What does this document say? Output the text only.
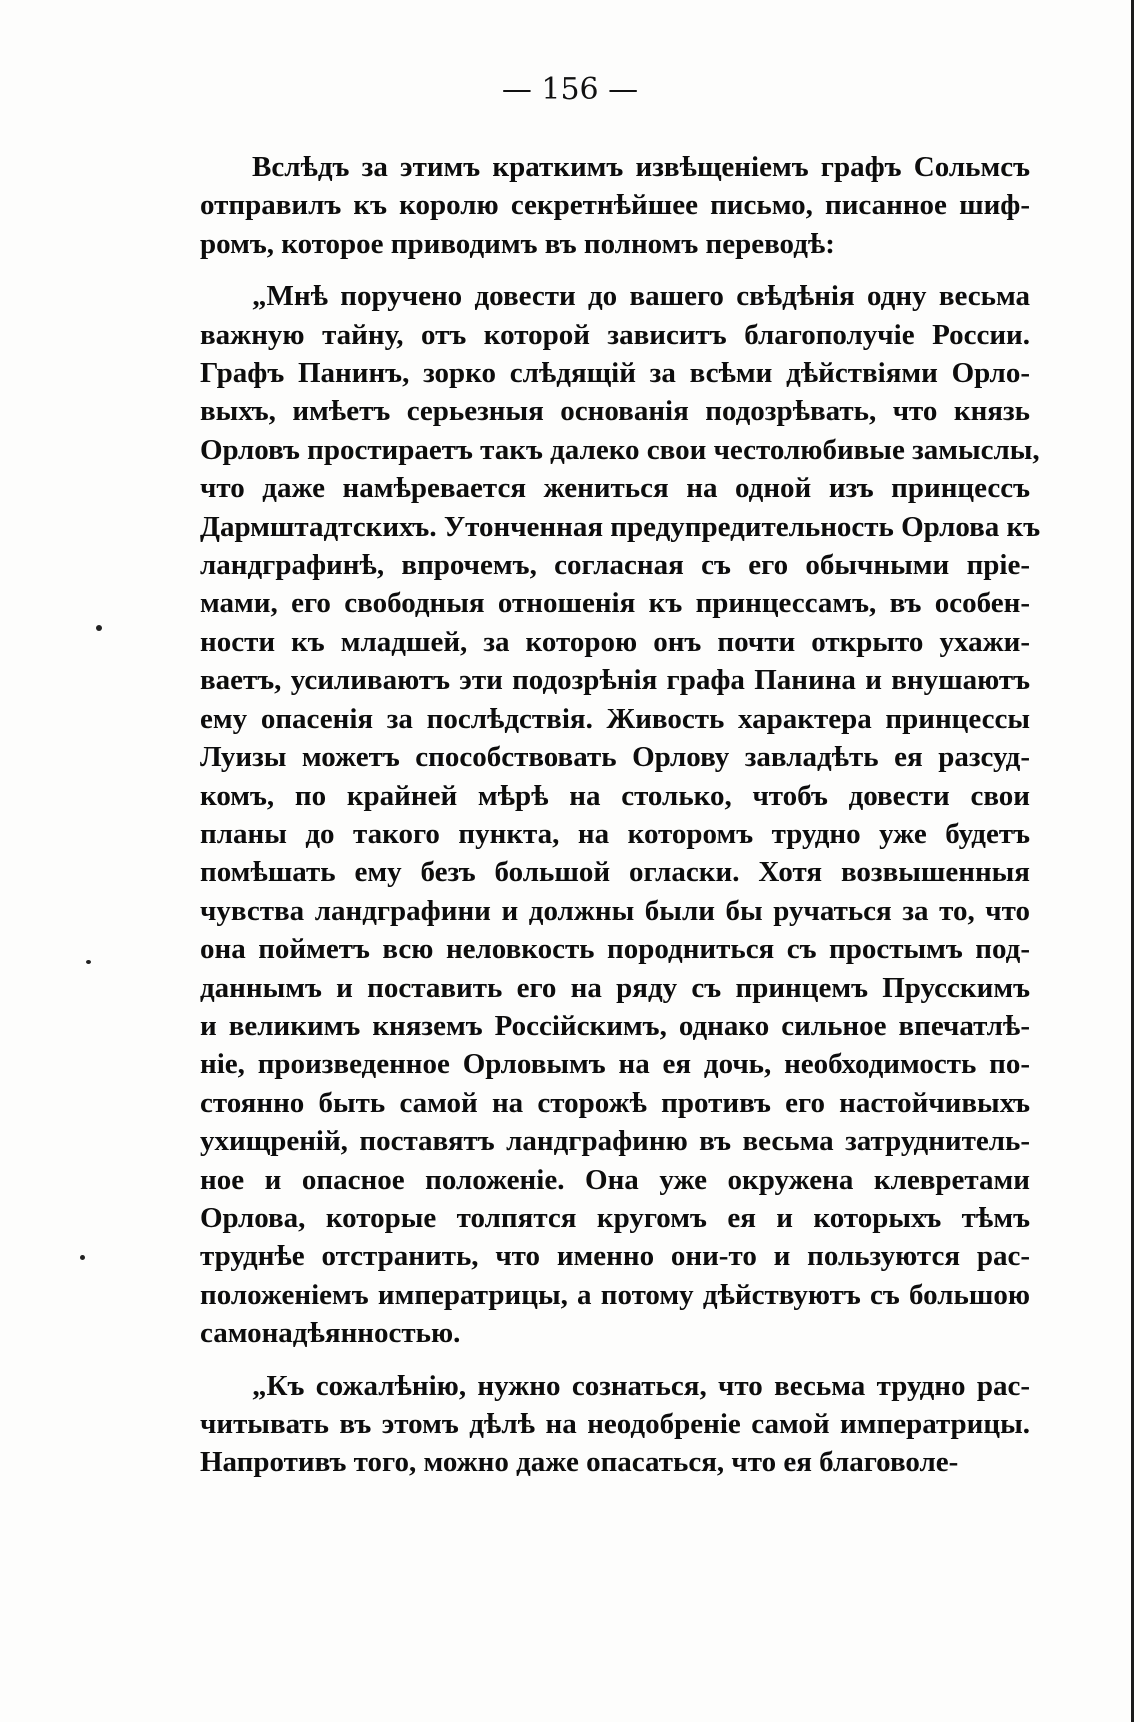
— 156 —

Вслѣдъ за этимъ краткимъ извѣщеніемъ графъ Сольмсъ
отправилъ къ королю секретнѣйшее письмо, писанное шиф-
ромъ, которое приводимъ въ полномъ переводѣ:

„Мнѣ поручено довести до вашего свѣдѣнія одну весьма
важную тайну, отъ которой зависитъ благополучіе России.
Графъ Панинъ, зорко слѣдящій за всѣми дѣйствіями Орло-
выхъ, имѣетъ серьезныя основанія подозрѣвать, что князь
Орловъ простираетъ такъ далеко свои честолюбивые замыслы,
что даже намѣревается жениться на одной изъ принцессъ
Дармштадтскихъ. Утонченная предупредительность Орлова къ
ландграфинѣ, впрочемъ, согласная съ его обычными прiе-
мами, его свободныя отношенія къ принцессамъ, въ особен-
ности къ младшей, за которою онъ почти открыто ухажи-
ваетъ, усиливаютъ эти подозрѣнія графа Панина и внушаютъ
ему опасенія за послѣдствія. Живость характера принцессы
Луизы можетъ способствовать Орлову завладѣть ея разсуд-
комъ, по крайней мѣрѣ на столько, чтобъ довести свои
планы до такого пункта, на которомъ трудно уже будетъ
помѣшать ему безъ большой огласки. Хотя возвышенныя
чувства ландграфини и должны были бы ручаться за то, что
она пойметъ всю неловкость породниться съ простымъ под-
даннымъ и поставить его на ряду съ принцемъ Прусскимъ
и великимъ княземъ Россійскимъ, однако сильное впечатлѣ-
ніе, произведенное Орловымъ на ея дочь, необходимость по-
стоянно быть самой на сторожѣ противъ его настойчивыхъ
ухищреній, поставятъ ландграфиню въ весьма затруднитель-
ное и опасное положеніе. Она уже окружена клевретами
Орлова, которые толпятся кругомъ ея и которыхъ тѣмъ
труднѣе отстранить, что именно они-то и пользуются рас-
положеніемъ императрицы, а потому дѣйствуютъ съ большою
самонадѣянностью.

„Къ сожалѣнію, нужно сознаться, что весьма трудно рас-
читывать въ этомъ дѣлѣ на неодобреніе самой императрицы.
Напротивъ того, можно даже опасаться, что ея благоволе-
